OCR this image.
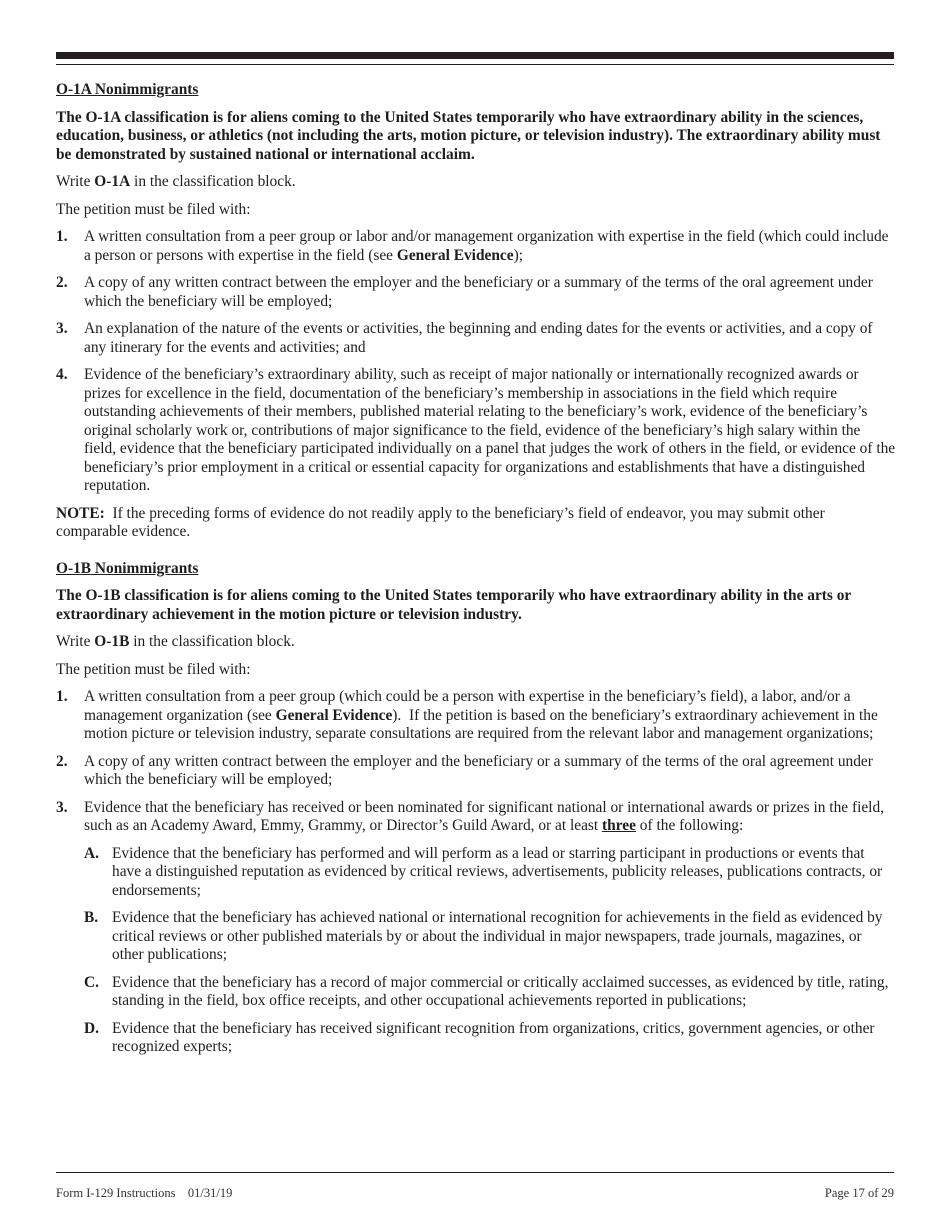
O-1A Nonimmigrants
The O-1A classification is for aliens coming to the United States temporarily who have extraordinary ability in the sciences, education, business, or athletics (not including the arts, motion picture, or television industry). The extraordinary ability must be demonstrated by sustained national or international acclaim.
Write O-1A in the classification block.
The petition must be filed with:
1.	A written consultation from a peer group or labor and/or management organization with expertise in the field (which could include a person or persons with expertise in the field (see General Evidence);
2.	A copy of any written contract between the employer and the beneficiary or a summary of the terms of the oral agreement under which the beneficiary will be employed;
3.	An explanation of the nature of the events or activities, the beginning and ending dates for the events or activities, and a copy of any itinerary for the events and activities; and
4.	Evidence of the beneficiary’s extraordinary ability, such as receipt of major nationally or internationally recognized awards or prizes for excellence in the field, documentation of the beneficiary’s membership in associations in the field which require outstanding achievements of their members, published material relating to the beneficiary’s work, evidence of the beneficiary’s original scholarly work or, contributions of major significance to the field, evidence of the beneficiary’s high salary within the field, evidence that the beneficiary participated individually on a panel that judges the work of others in the field, or evidence of the beneficiary’s prior employment in a critical or essential capacity for organizations and establishments that have a distinguished reputation.
NOTE:  If the preceding forms of evidence do not readily apply to the beneficiary’s field of endeavor, you may submit other comparable evidence.
O-1B Nonimmigrants
The O-1B classification is for aliens coming to the United States temporarily who have extraordinary ability in the arts or extraordinary achievement in the motion picture or television industry.
Write O-1B in the classification block.
The petition must be filed with:
1.	A written consultation from a peer group (which could be a person with expertise in the beneficiary’s field), a labor, and/or a management organization (see General Evidence).  If the petition is based on the beneficiary’s extraordinary achievement in the motion picture or television industry, separate consultations are required from the relevant labor and management organizations;
2.	A copy of any written contract between the employer and the beneficiary or a summary of the terms of the oral agreement under which the beneficiary will be employed;
3.	Evidence that the beneficiary has received or been nominated for significant national or international awards or prizes in the field, such as an Academy Award, Emmy, Grammy, or Director’s Guild Award, or at least three of the following:
A. Evidence that the beneficiary has performed and will perform as a lead or starring participant in productions or events that have a distinguished reputation as evidenced by critical reviews, advertisements, publicity releases, publications contracts, or endorsements;
B. Evidence that the beneficiary has achieved national or international recognition for achievements in the field as evidenced by critical reviews or other published materials by or about the individual in major newspapers, trade journals, magazines, or other publications;
C. Evidence that the beneficiary has a record of major commercial or critically acclaimed successes, as evidenced by title, rating, standing in the field, box office receipts, and other occupational achievements reported in publications;
D. Evidence that the beneficiary has received significant recognition from organizations, critics, government agencies, or other recognized experts;
Form I-129 Instructions    01/31/19	Page 17 of 29
